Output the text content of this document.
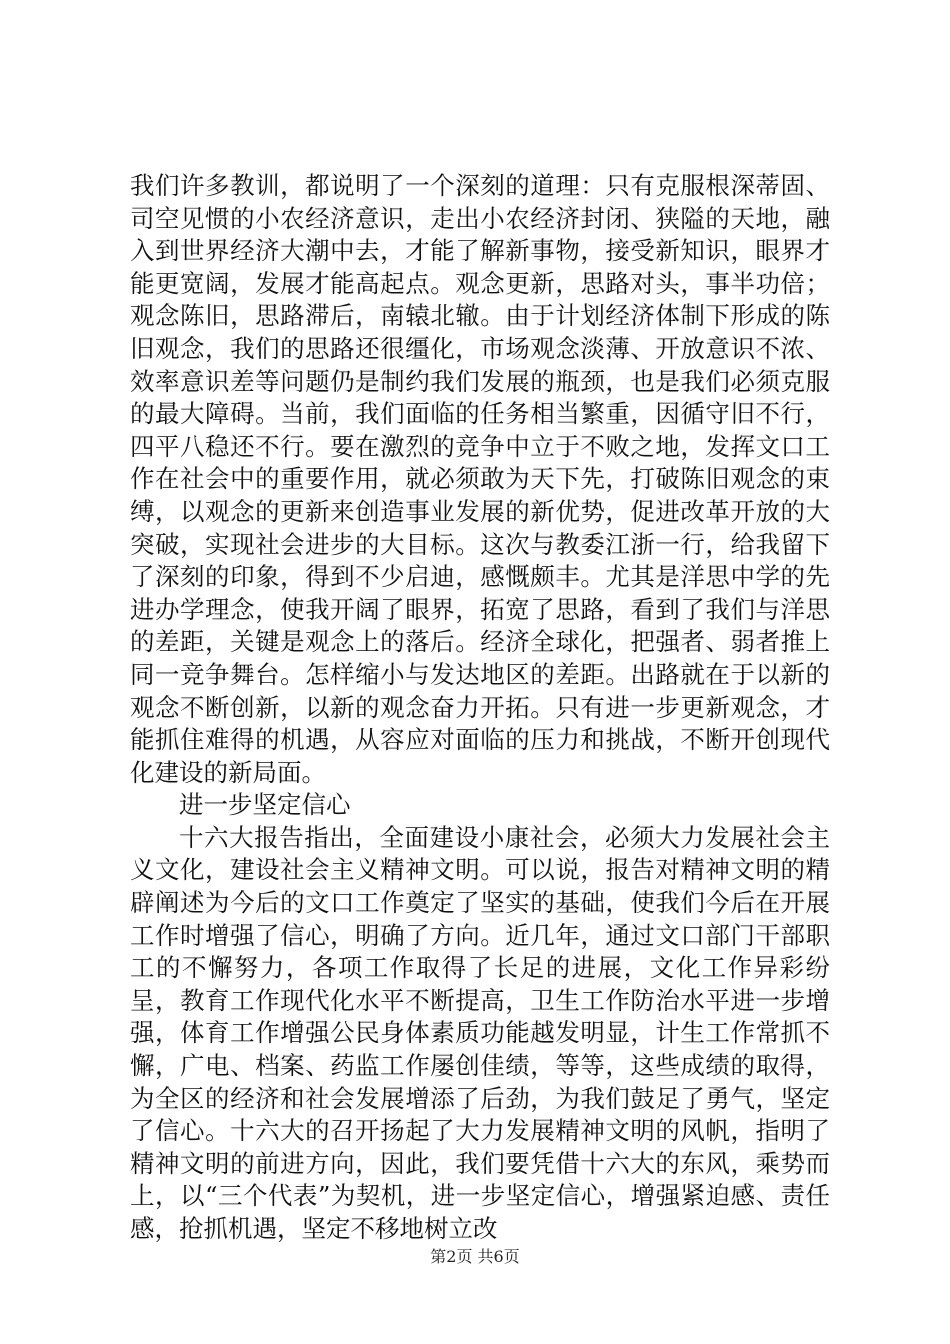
我们许多教训，都说明了一个深刻的道理：只有克服根深蒂固、司空见惯的小农经济意识，走出小农经济封闭、狭隘的天地，融入到世界经济大潮中去，才能了解新事物，接受新知识，眼界才能更宽阔，发展才能高起点。观念更新，思路对头，事半功倍；观念陈旧，思路滞后，南辕北辙。由于计划经济体制下形成的陈旧观念，我们的思路还很缰化，市场观念淡薄、开放意识不浓、效率意识差等问题仍是制约我们发展的瓶颈，也是我们必须克服的最大障碍。当前，我们面临的任务相当繁重，因循守旧不行，四平八稳还不行。要在激烈的竞争中立于不败之地，发挥文口工作在社会中的重要作用，就必须敢为天下先，打破陈旧观念的束缚，以观念的更新来创造事业发展的新优势，促进改革开放的大突破，实现社会进步的大目标。这次与教委江浙一行，给我留下了深刻的印象，得到不少启迪，感慨颇丰。尤其是洋思中学的先进办学理念，使我开阔了眼界，拓宽了思路，看到了我们与洋思的差距，关键是观念上的落后。经济全球化，把强者、弱者推上同一竞争舞台。怎样缩小与发达地区的差距。出路就在于以新的观念不断创新，以新的观念奋力开拓。只有进一步更新观念，才能抓住难得的机遇，从容应对面临的压力和挑战，不断开创现代化建设的新局面。

进一步坚定信心

十六大报告指出，全面建设小康社会，必须大力发展社会主义文化，建设社会主义精神文明。可以说，报告对精神文明的精辟阐述为今后的文口工作奠定了坚实的基础，使我们今后在开展工作时增强了信心，明确了方向。近几年，通过文口部门干部职工的不懈努力，各项工作取得了长足的进展，文化工作异彩纷呈，教育工作现代化水平不断提高，卫生工作防治水平进一步增强，体育工作增强公民身体素质功能越发明显，计生工作常抓不懈，广电、档案、药监工作屡创佳绩，等等，这些成绩的取得，为全区的经济和社会发展增添了后劲，为我们鼓足了勇气，坚定了信心。十六大的召开扬起了大力发展精神文明的风帆，指明了精神文明的前进方向，因此，我们要凭借十六大的东风，乘势而上，以“三个代表”为契机，进一步坚定信心，增强紧迫感、责任感，抢抓机遇，坚定不移地树立改

第2页 共6页
